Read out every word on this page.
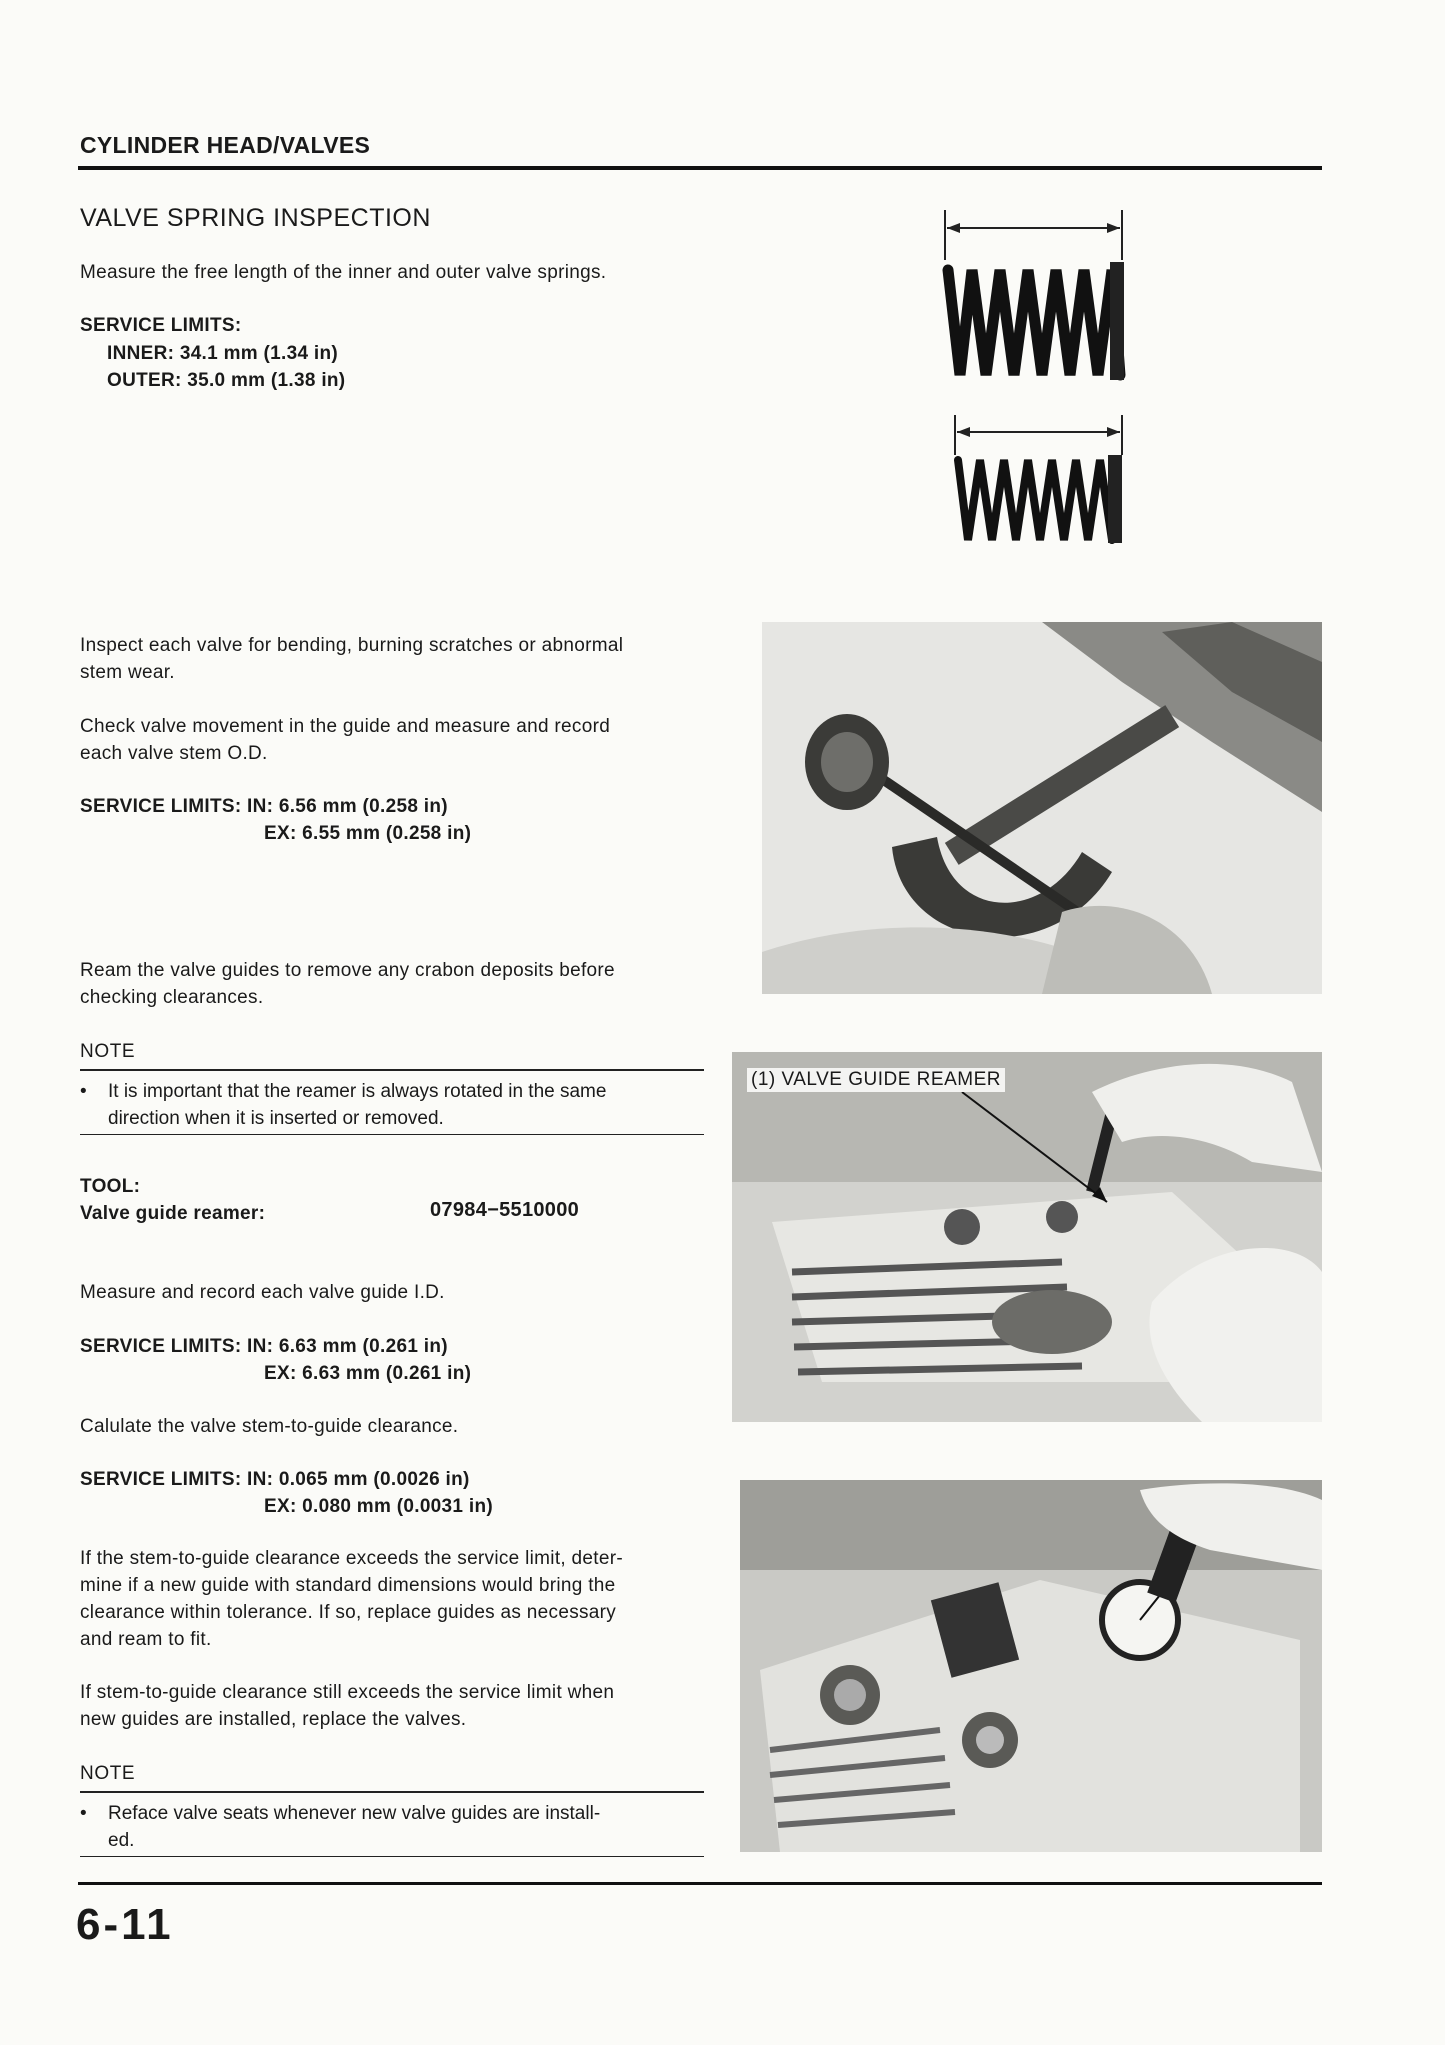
CYLINDER HEAD/VALVES
VALVE SPRING INSPECTION
Measure the free length of the inner and outer valve springs.
SERVICE LIMITS:
INNER: 34.1 mm (1.34 in)
OUTER: 35.0 mm (1.38 in)
Inspect each valve for bending, burning scratches or abnormal
stem wear.
Check valve movement in the guide and measure and record
each valve stem O.D.
SERVICE LIMITS: IN: 6.56 mm (0.258 in)
EX: 6.55 mm (0.258 in)
Ream the valve guides to remove any crabon deposits before
checking clearances.
NOTE
• It is important that the reamer is always rotated in the same
direction when it is inserted or removed.
(1) VALVE GUIDE REAMER
TOOL:
Valve guide reamer:	07984−5510000
Measure and record each valve guide I.D.
SERVICE LIMITS: IN: 6.63 mm (0.261 in)
EX: 6.63 mm (0.261 in)
Calulate the valve stem-to-guide clearance.
SERVICE LIMITS: IN: 0.065 mm (0.0026 in)
EX: 0.080 mm (0.0031 in)
If the stem-to-guide clearance exceeds the service limit, deter-
mine if a new guide with standard dimensions would bring the
clearance within tolerance. If so, replace guides as necessary
and ream to fit.
If stem-to-guide clearance still exceeds the service limit when
new guides are installed, replace the valves.
NOTE
• Reface valve seats whenever new valve guides are install-
ed.
6-11
